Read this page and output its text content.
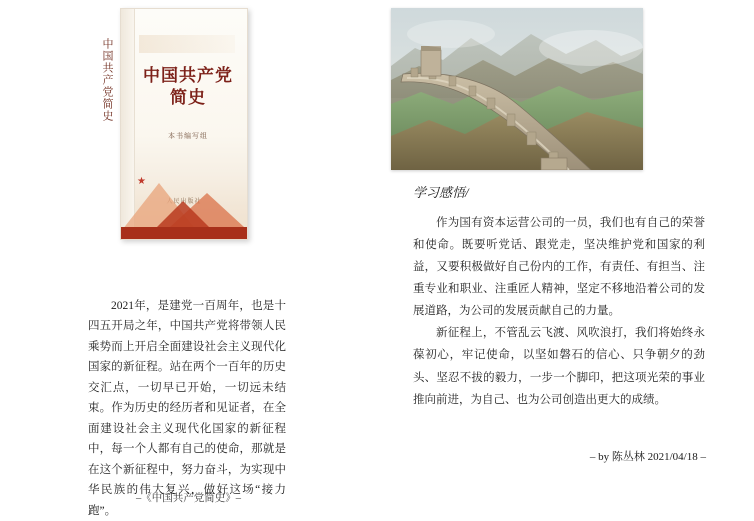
中国共产党简史	中国共产党
简史
本书编写组
★
人民出版社
2021年，是建党一百周年，也是十四五开局之年，中国共产党将带领人民乘势而上开启全面建设社会主义现代化国家的新征程。站在两个一百年的历史交汇点，一切早已开始，一切远未结束。作为历史的经历者和见证者，在全面建设社会主义现代化国家的新征程中，每一个人都有自己的使命，那就是在这个新征程中，努力奋斗，为实现中华民族的伟大复兴，做好这场“接力跑”。
–《中国共产党简史》–
学习感悟/

作为国有资本运营公司的一员，我们也有自己的荣誉和使命。既要听党话、跟党走，坚决维护党和国家的利益，又要积极做好自己份内的工作，有责任、有担当、注重专业和职业、注重匠人精神，坚定不移地沿着公司的发展道路，为公司的发展贡献自己的力量。

新征程上，不管乱云飞渡、风吹浪打，我们将始终永葆初心，牢记使命，以坚如磐石的信心、只争朝夕的劲头、坚忍不拔的毅力，一步一个脚印，把这项光荣的事业推向前进，为自己、也为公司创造出更大的成绩。

– by 陈丛林 2021/04/18 –
